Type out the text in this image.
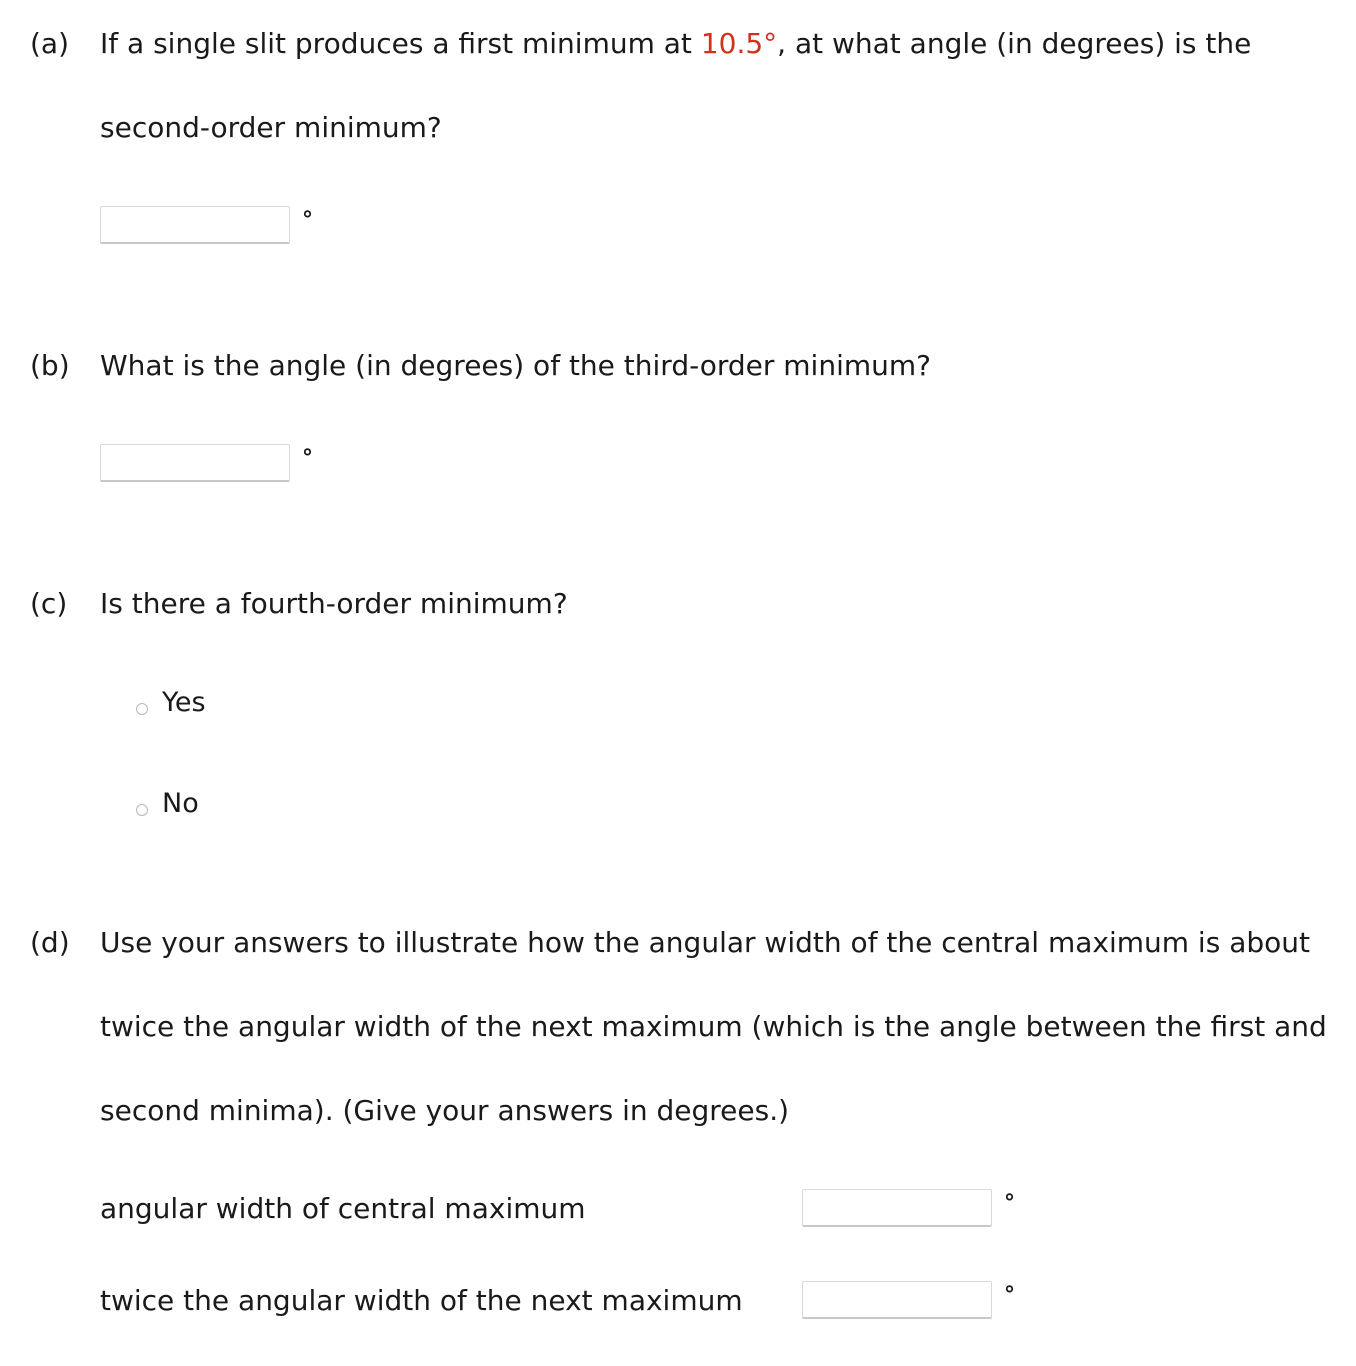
(a) If a single slit produces a first minimum at 10.5°, at what angle (in degrees) is the
second-order minimum?
°
(b) What is the angle (in degrees) of the third-order minimum?
°
(c) Is there a fourth-order minimum?
Yes
No
(d) Use your answers to illustrate how the angular width of the central maximum is about
twice the angular width of the next maximum (which is the angle between the first and
second minima). (Give your answers in degrees.)
angular width of central maximum	°
twice the angular width of the next maximum	°
